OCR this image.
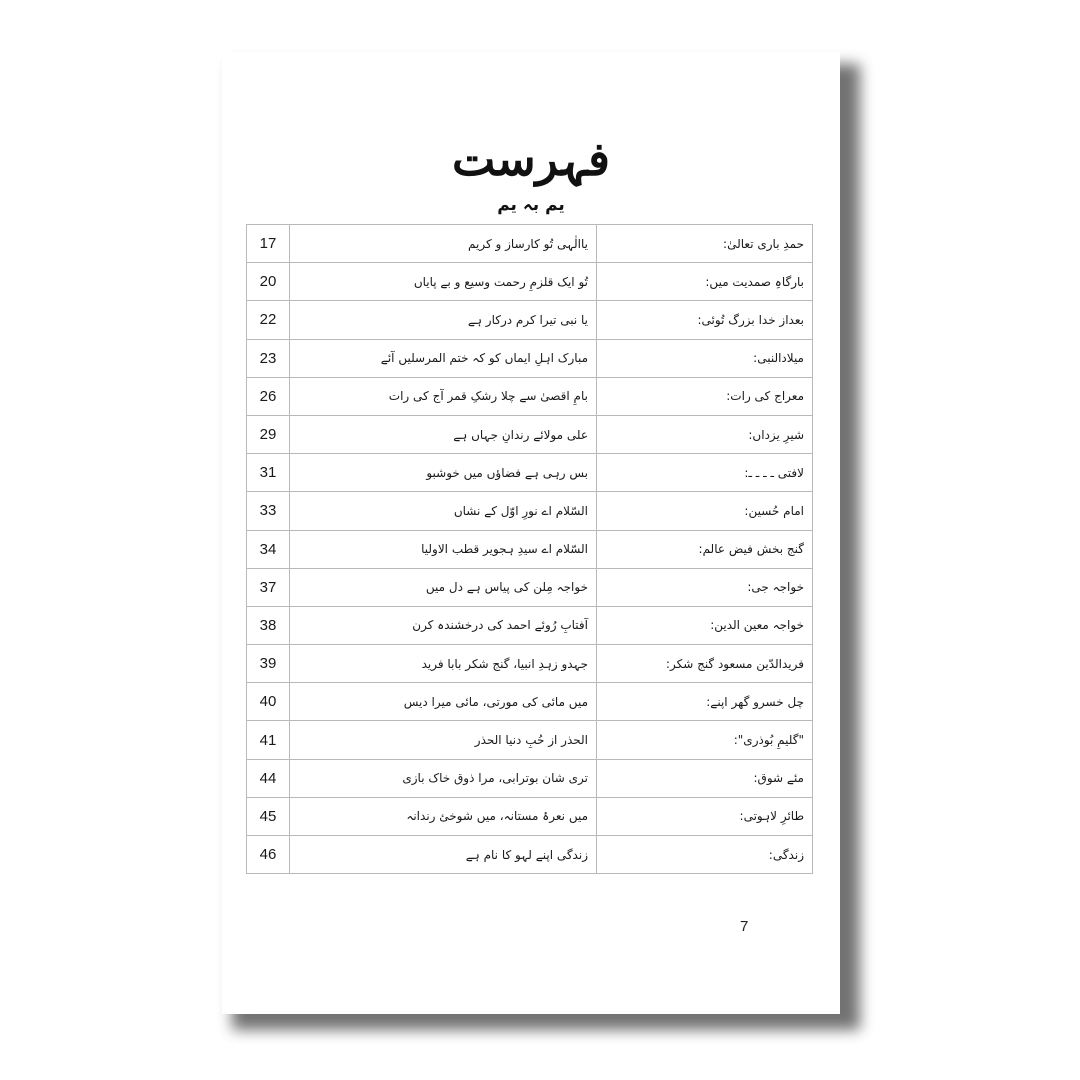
فہرست
یم بہ یم
17	یاالٰہی تُو کارساز و کریم	حمدِ باری تعالیٰ:
20	تُو ایک قلزمِ رحمت وسیع و بے پایاں	بارگاہِ صمدیت میں:
22	یا نبی تیرا کرم درکار ہے	بعداز خدا بزرگ تُوئی:
23	مبارک اہلِ ایماں کو کہ ختم المرسلیں آئے	میلادالنبی:
26	بامِ اقصیٰ سے چلا رشکِ قمر آج کی رات	معراج کی رات:
29	علی مولائے رندانِ جہاں ہے	شیرِ یزداں:
31	بس رہی ہے فضاؤں میں خوشبو	لافتی ـ ـ ـ ـ:
33	السّلام اے نورِ اوّل کے نشاں	امام حُسین:
34	السّلام اے سیدِ ہجویر قطب الاولیا	گنج بخش فیض عالم:
37	خواجہ مِلن کی پیاس ہے دل میں	خواجہ جی:
38	آفتابِ رُوئے احمد کی درخشندہ کرن	خواجہ معین الدین:
39	جہدو زہدِ انبیا، گنج شکر بابا فرید	فریدالدّین مسعود گنج شکر:
40	میں مائی کی مورتی، مائی میرا دیس	چل خسرو گھر اپنے:
41	الحذر از حُبِ دنیا الحذر	"گلیمِ بُوذری":
44	تری شان بوترابی، مرا ذوق خاک بازی	مئے شوق:
45	میں نعرۂ مستانہ، میں شوخئ رندانہ	طائرِ لاہوتی:
46	زندگی اپنے لہو کا نام ہے	زندگی:
7
